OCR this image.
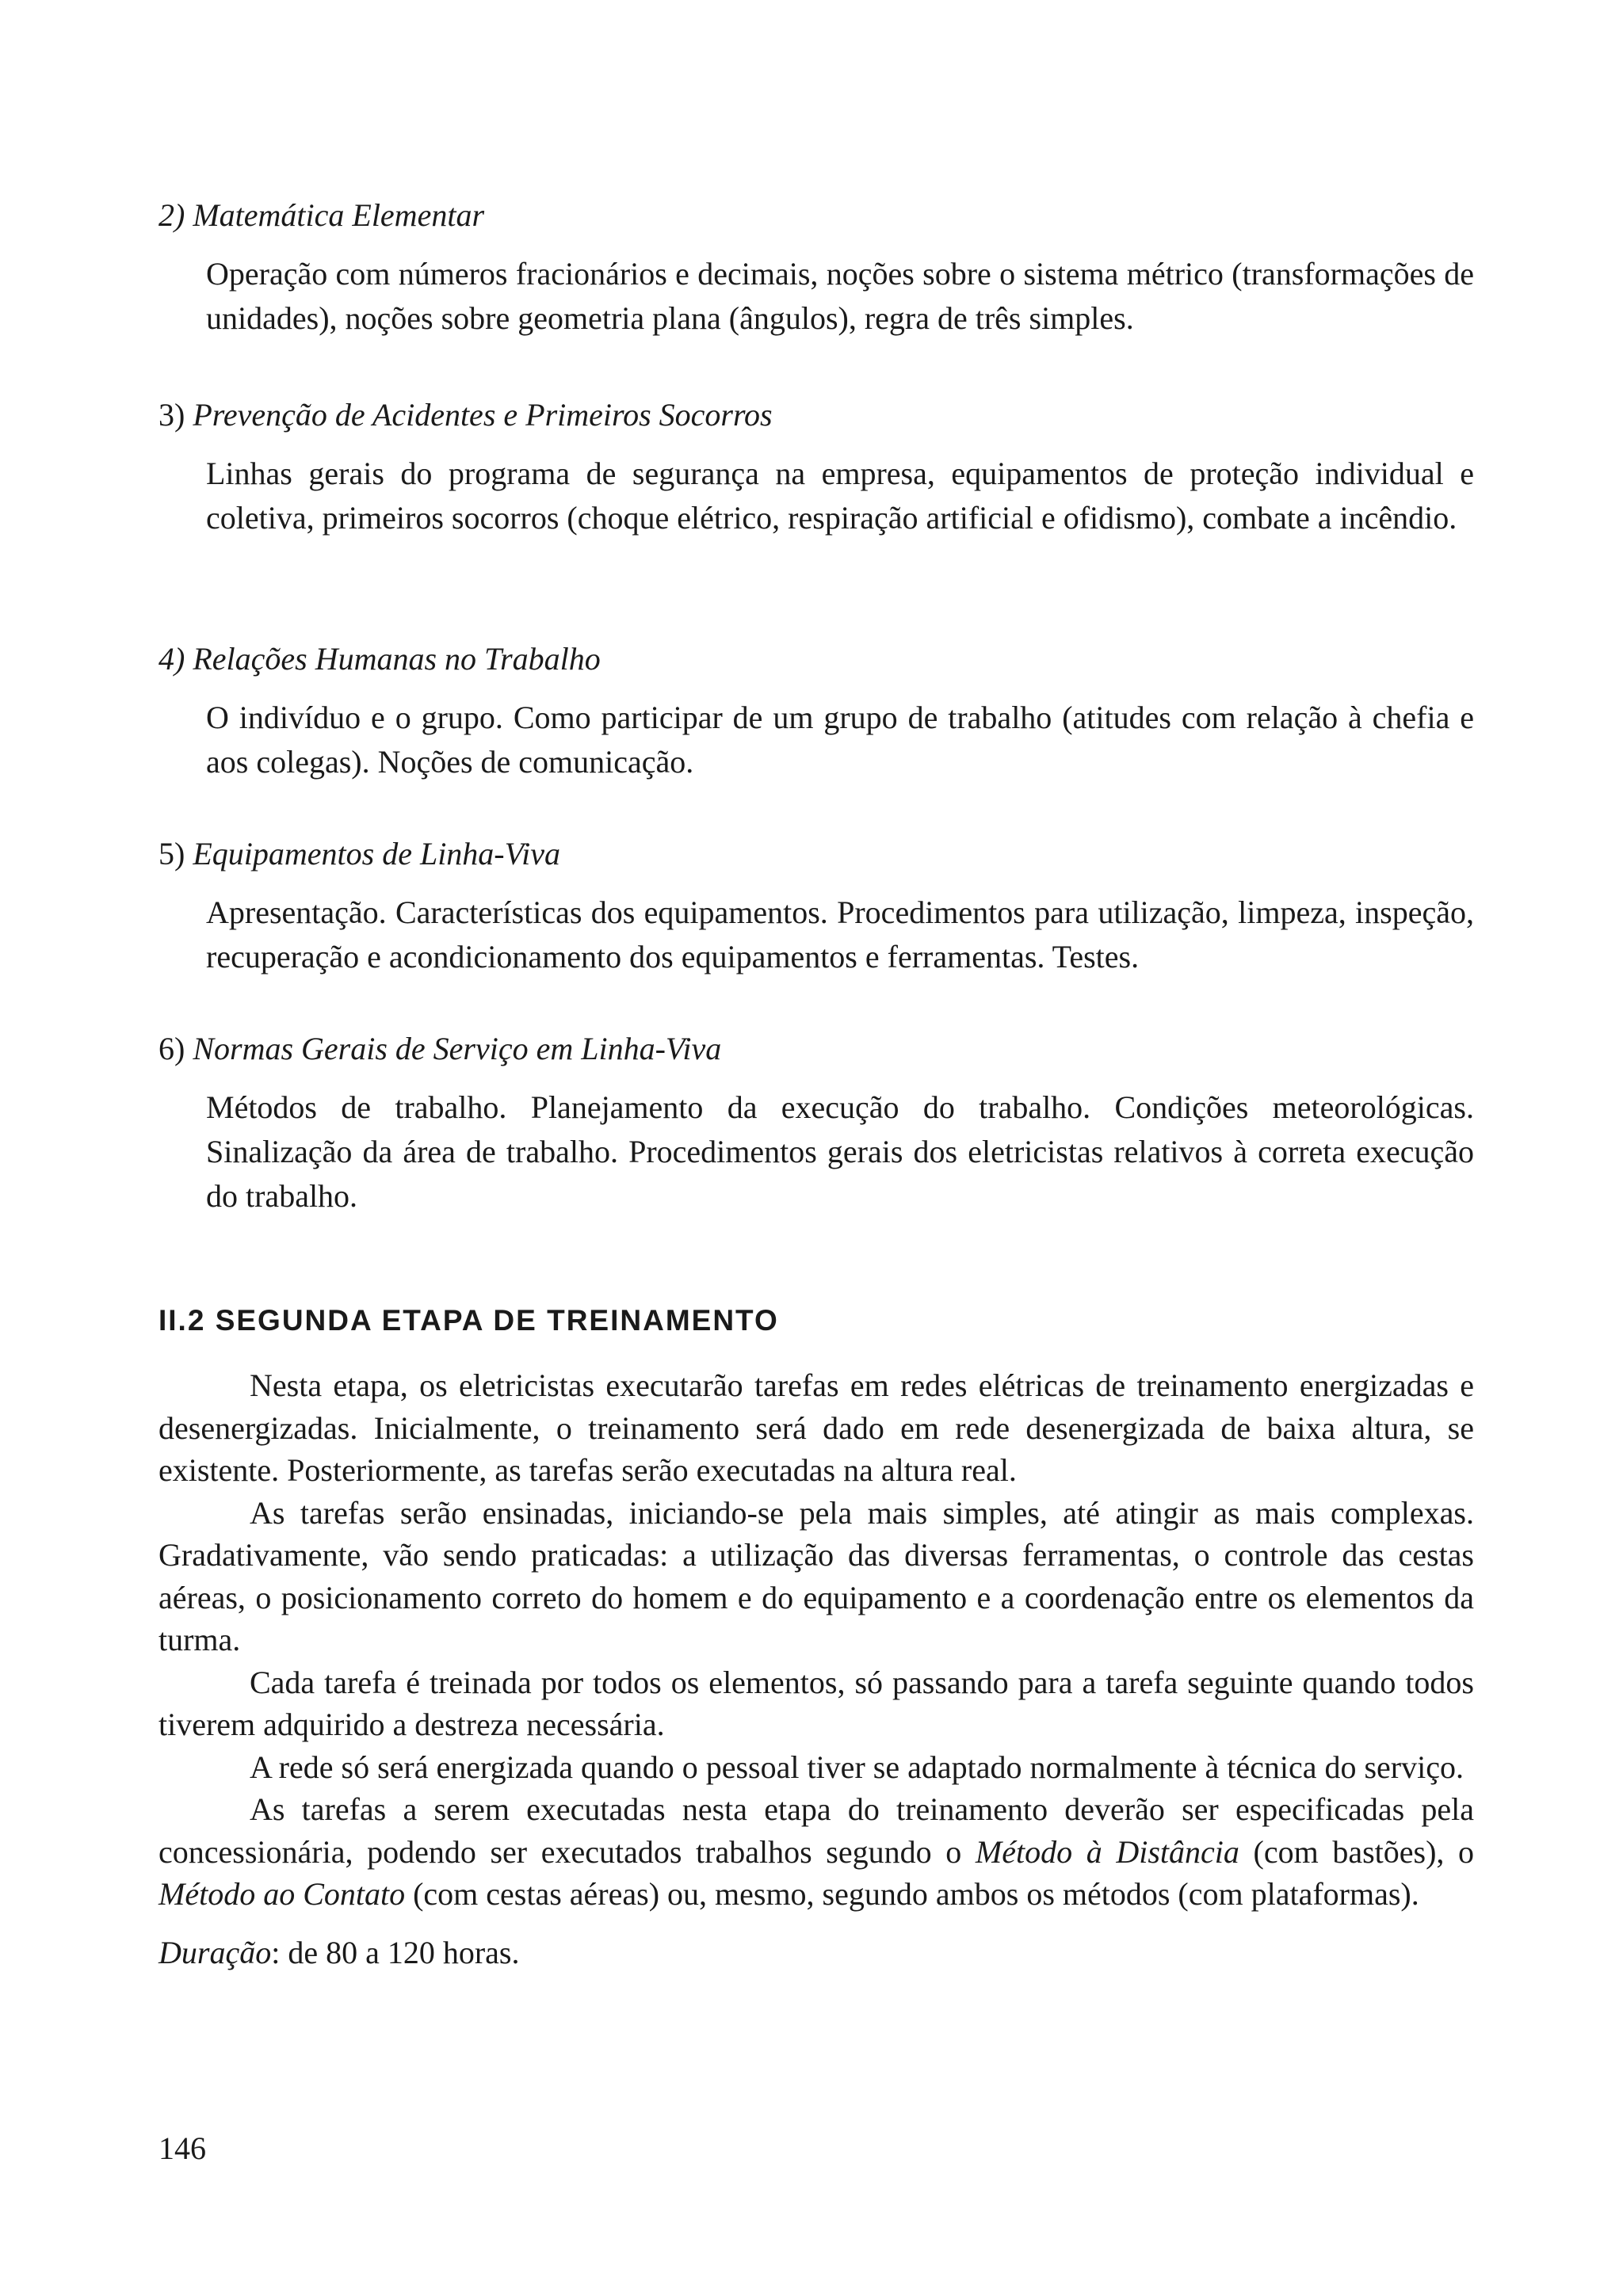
2) Matemática Elementar

Operação com números fracionários e decimais, noções sobre o sistema métrico (transformações de unidades), noções sobre geometria plana (ângulos), regra de três simples.

3) Prevenção de Acidentes e Primeiros Socorros

Linhas gerais do programa de segurança na empresa, equipamentos de proteção individual e coletiva, primeiros socorros (choque elétrico, respiração artificial e ofidismo), combate a incêndio.

4) Relações Humanas no Trabalho

O indivíduo e o grupo. Como participar de um grupo de trabalho (atitudes com relação à chefia e aos colegas). Noções de comunicação.

5) Equipamentos de Linha-Viva

Apresentação. Características dos equipamentos. Procedimentos para utilização, limpeza, inspeção, recuperação e acondicionamento dos equipamentos e ferramentas. Testes.

6) Normas Gerais de Serviço em Linha-Viva

Métodos de trabalho. Planejamento da execução do trabalho. Condições meteorológicas. Sinalização da área de trabalho. Procedimentos gerais dos eletricistas relativos à correta execução do trabalho.

II.2 SEGUNDA ETAPA DE TREINAMENTO

Nesta etapa, os eletricistas executarão tarefas em redes elétricas de treinamento energizadas e desenergizadas. Inicialmente, o treinamento será dado em rede desenergizada de baixa altura, se existente. Posteriormente, as tarefas serão executadas na altura real.

As tarefas serão ensinadas, iniciando-se pela mais simples, até atingir as mais complexas. Gradativamente, vão sendo praticadas: a utilização das diversas ferramentas, o controle das cestas aéreas, o posicionamento correto do homem e do equipamento e a coordenação entre os elementos da turma.

Cada tarefa é treinada por todos os elementos, só passando para a tarefa seguinte quando todos tiverem adquirido a destreza necessária.

A rede só será energizada quando o pessoal tiver se adaptado normalmente à técnica do serviço.

As tarefas a serem executadas nesta etapa do treinamento deverão ser especificadas pela concessionária, podendo ser executados trabalhos segundo o Método à Distância (com bastões), o Método ao Contato (com cestas aéreas) ou, mesmo, segundo ambos os métodos (com plataformas).

Duração: de 80 a 120 horas.

146
